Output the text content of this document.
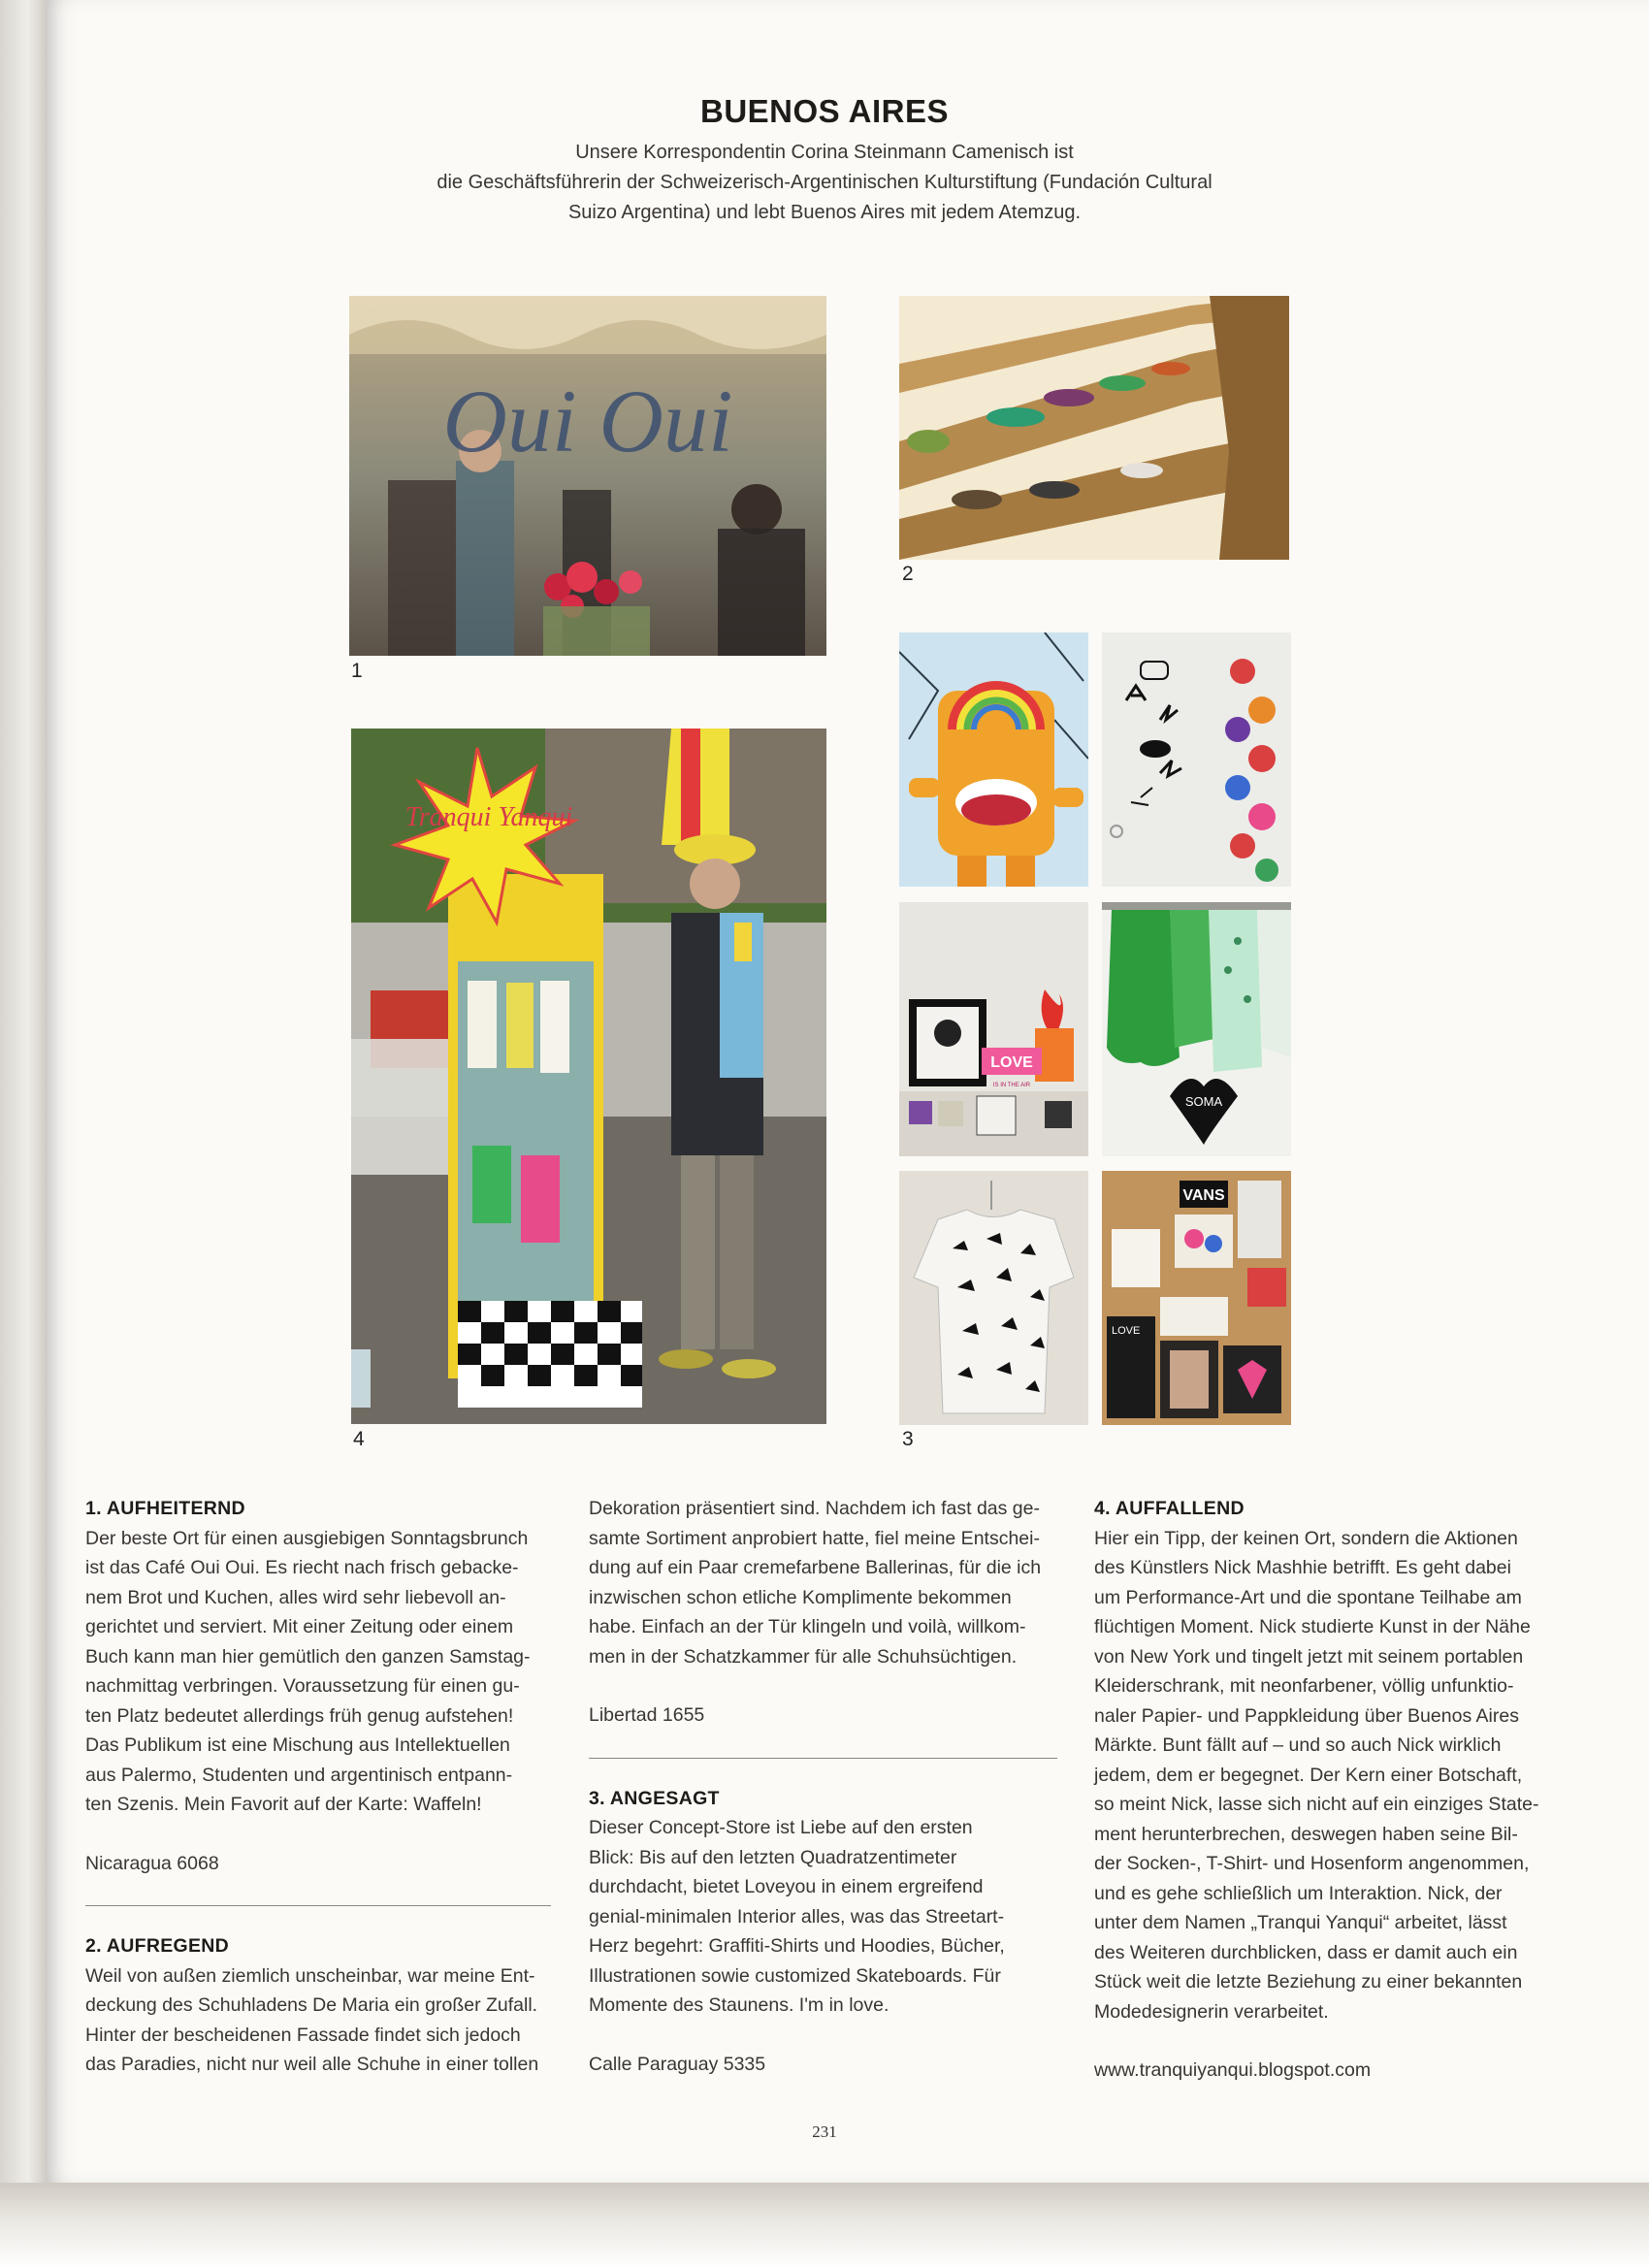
BUENOS AIRES
Unsere Korrespondentin Corina Steinmann Camenisch ist
die Geschäftsführerin der Schweizerisch-Argentinischen Kulturstiftung (Fundación Cultural
Suizo Argentina) und lebt Buenos Aires mit jedem Atemzug.
Oui Oui
1
2
Tranqui Yanqui
4
LOVE
IS IN THE AIR
SOMA
VANS
LOVE
3

1. AUFHEITERND

Der beste Ort für einen ausgiebigen Sonntagsbrunch

ist das Café Oui Oui. Es riecht nach frisch gebacke-

nem Brot und Kuchen, alles wird sehr liebevoll an-

gerichtet und serviert. Mit einer Zeitung oder einem

Buch kann man hier gemütlich den ganzen Samstag-

nachmittag verbringen. Voraussetzung für einen gu-

ten Platz bedeutet allerdings früh genug aufstehen!

Das Publikum ist eine Mischung aus Intellektuellen

aus Palermo, Studenten und argentinisch entpann-

ten Szenis. Mein Favorit auf der Karte: Waffeln!

Nicaragua 6068

2. AUFREGEND

Weil von außen ziemlich unscheinbar, war meine Ent-

deckung des Schuhladens De Maria ein großer Zufall.

Hinter der bescheidenen Fassade findet sich jedoch

das Paradies, nicht nur weil alle Schuhe in einer tollen

Dekoration präsentiert sind. Nachdem ich fast das ge-

samte Sortiment anprobiert hatte, fiel meine Entschei-

dung auf ein Paar cremefarbene Ballerinas, für die ich

inzwischen schon etliche Komplimente bekommen

habe. Einfach an der Tür klingeln und voilà, willkom-

men in der Schatzkammer für alle Schuhsüchtigen.

Libertad 1655

3. ANGESAGT

Dieser Concept-Store ist Liebe auf den ersten

Blick: Bis auf den letzten Quadratzentimeter

durchdacht, bietet Loveyou in einem ergreifend

genial-minimalen Interior alles, was das Streetart-

Herz begehrt: Graffiti-Shirts und Hoodies, Bücher,

Illustrationen sowie customized Skateboards. Für

Momente des Staunens. I'm in love.

Calle Paraguay 5335

4. AUFFALLEND

Hier ein Tipp, der keinen Ort, sondern die Aktionen

des Künstlers Nick Mashhie betrifft. Es geht dabei

um Performance-Art und die spontane Teilhabe am

flüchtigen Moment. Nick studierte Kunst in der Nähe

von New York und tingelt jetzt mit seinem portablen

Kleiderschrank, mit neonfarbener, völlig unfunktio-

naler Papier- und Pappkleidung über Buenos Aires

Märkte. Bunt fällt auf – und so auch Nick wirklich

jedem, dem er begegnet. Der Kern einer Botschaft,

so meint Nick, lasse sich nicht auf ein einziges State-

ment herunterbrechen, deswegen haben seine Bil-

der Socken-, T-Shirt- und Hosenform angenommen,

und es gehe schließlich um Interaktion. Nick, der

unter dem Namen „Tranqui Yanqui“ arbeitet, lässt

des Weiteren durchblicken, dass er damit auch ein

Stück weit die letzte Beziehung zu einer bekannten

Modedesignerin verarbeitet.

www.tranquiyanqui.blogspot.com

231
